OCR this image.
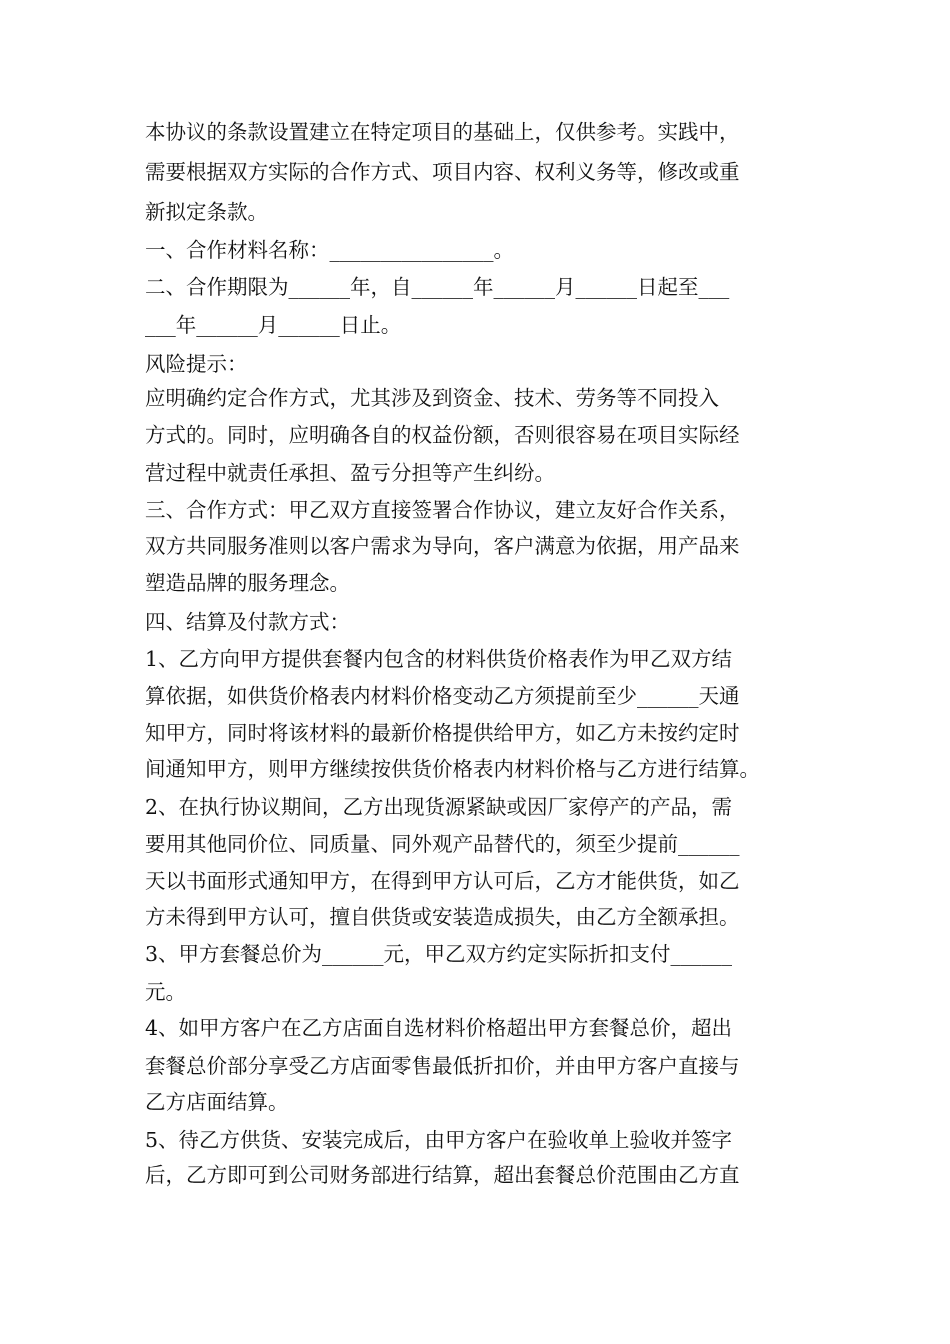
本协议的条款设置建立在特定项目的基础上，仅供参考。实践中，
需要根据双方实际的合作方式、项目内容、权利义务等，修改或重
新拟定条款。
一、合作材料名称：________________。
二、合作期限为______年，自______年______月______日起至___
___年______月______日止。
风险提示：
应明确约定合作方式，尤其涉及到资金、技术、劳务等不同投入
方式的。同时，应明确各自的权益份额，否则很容易在项目实际经
营过程中就责任承担、盈亏分担等产生纠纷。
三、合作方式：甲乙双方直接签署合作协议，建立友好合作关系，
双方共同服务准则以客户需求为导向，客户满意为依据，用产品来
塑造品牌的服务理念。
四、结算及付款方式：
1、乙方向甲方提供套餐内包含的材料供货价格表作为甲乙双方结
算依据，如供货价格表内材料价格变动乙方须提前至少______天通
知甲方，同时将该材料的最新价格提供给甲方，如乙方未按约定时
间通知甲方，则甲方继续按供货价格表内材料价格与乙方进行结算。
2、在执行协议期间，乙方出现货源紧缺或因厂家停产的产品，需
要用其他同价位、同质量、同外观产品替代的，须至少提前______
天以书面形式通知甲方，在得到甲方认可后，乙方才能供货，如乙
方未得到甲方认可，擅自供货或安装造成损失，由乙方全额承担。
3、甲方套餐总价为______元，甲乙双方约定实际折扣支付______
元。
4、如甲方客户在乙方店面自选材料价格超出甲方套餐总价，超出
套餐总价部分享受乙方店面零售最低折扣价，并由甲方客户直接与
乙方店面结算。
5、待乙方供货、安装完成后，由甲方客户在验收单上验收并签字
后，乙方即可到公司财务部进行结算，超出套餐总价范围由乙方直
